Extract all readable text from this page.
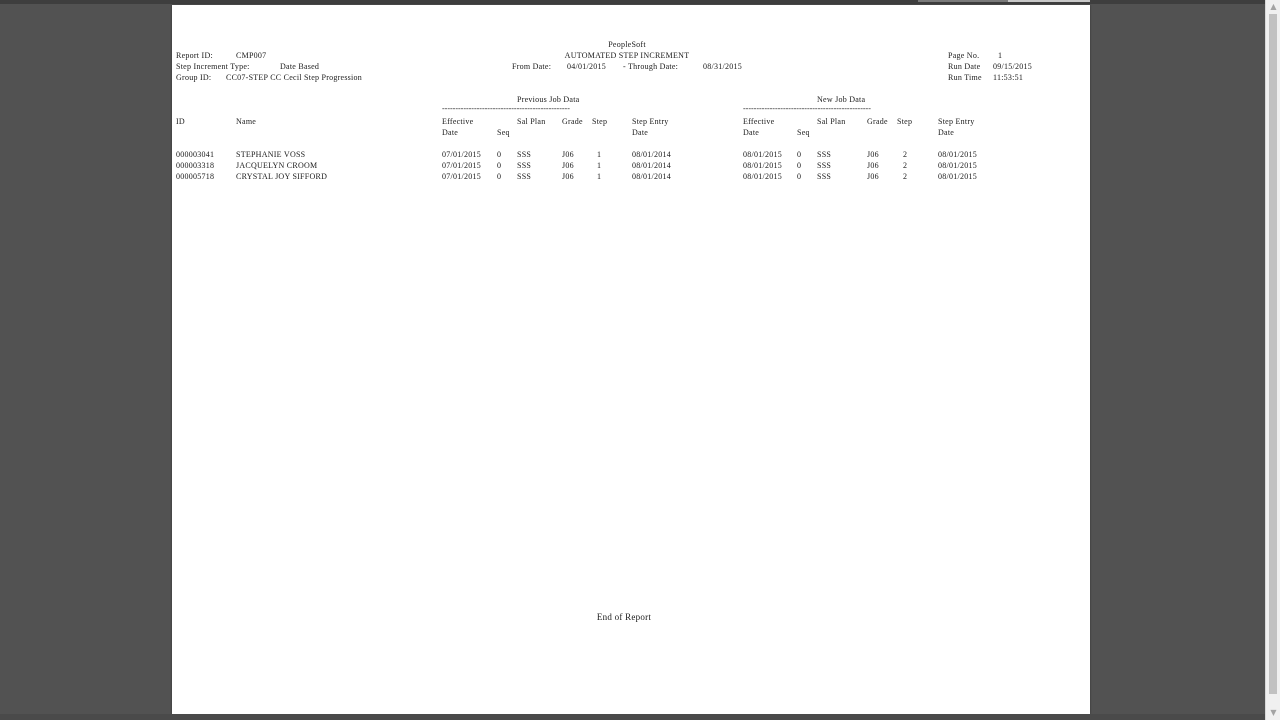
PeopleSoft
AUTOMATED STEP INCREMENT
Report ID:	CMP007
Step Increment Type:	Date Based
Group ID: CC07-STEP CC Cecil Step Progression
From Date: 04/01/2015 - Through Date:	08/31/2015
Page No. 1
Run Date 09/15/2015
Run Time 11:53:51
Previous Job Data	New Job Data
------------------------------------------------	------------------------------------------------
ID	Name	Effective	Sal Plan Grade Step	Step Entry	Effective	Sal Plan	Grade Step	Step Entry
Date	Seq	Date	Date	Seq	Date
000003041	STEPHANIE VOSS	07/01/2015 0 SSS	J06	1	08/01/2014	08/01/2015 0 SSS	J06	2	08/01/2015
000003318	JACQUELYN CROOM	07/01/2015 0 SSS	J06	1	08/01/2014	08/01/2015 0 SSS	J06	2	08/01/2015
000005718	CRYSTAL JOY SIFFORD	07/01/2015 0 SSS	J06	1	08/01/2014	08/01/2015 0 SSS	J06	2	08/01/2015
End of Report
▲
▼
